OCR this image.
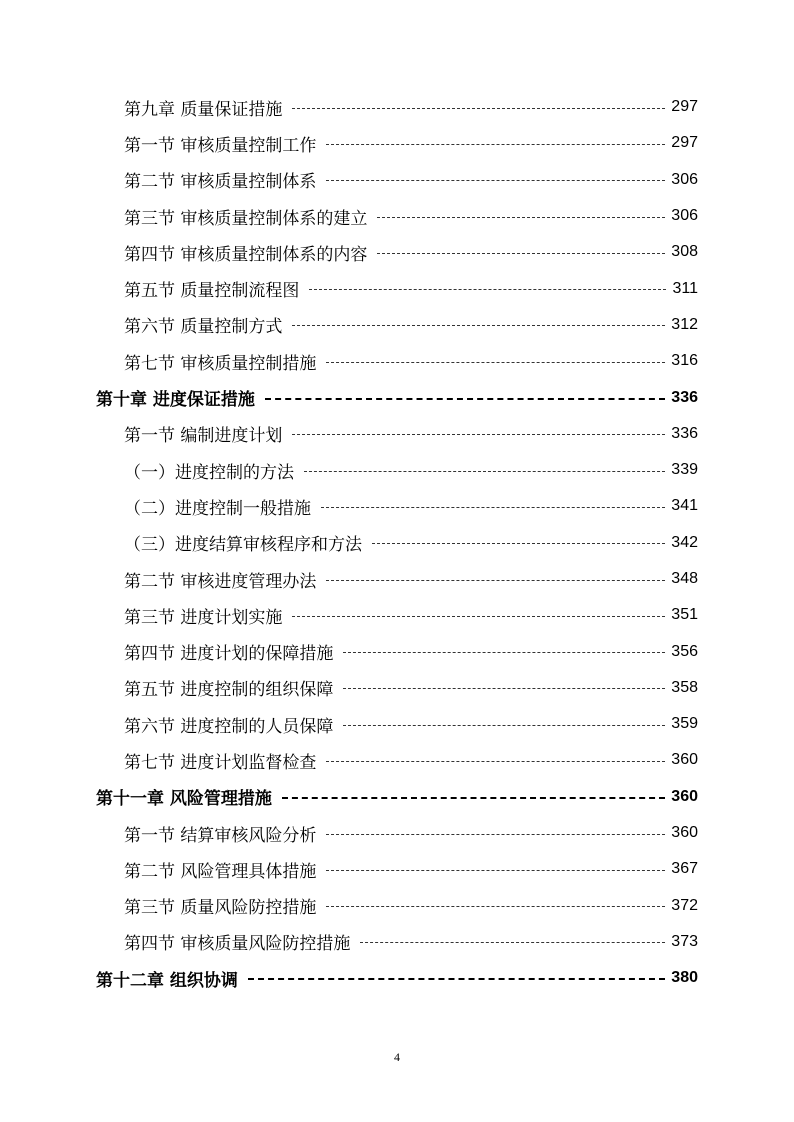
第九章 质量保证措施	297
第一节 审核质量控制工作	297
第二节 审核质量控制体系	306
第三节 审核质量控制体系的建立	306
第四节 审核质量控制体系的内容	308
第五节 质量控制流程图	311
第六节 质量控制方式	312
第七节 审核质量控制措施	316
第十章 进度保证措施	336
第一节 编制进度计划	336
（一）进度控制的方法	339
（二）进度控制一般措施	341
（三）进度结算审核程序和方法	342
第二节 审核进度管理办法	348
第三节 进度计划实施	351
第四节 进度计划的保障措施	356
第五节 进度控制的组织保障	358
第六节 进度控制的人员保障	359
第七节 进度计划监督检查	360
第十一章 风险管理措施	360
第一节 结算审核风险分析	360
第二节 风险管理具体措施	367
第三节 质量风险防控措施	372
第四节 审核质量风险防控措施	373
第十二章 组织协调	380
4
